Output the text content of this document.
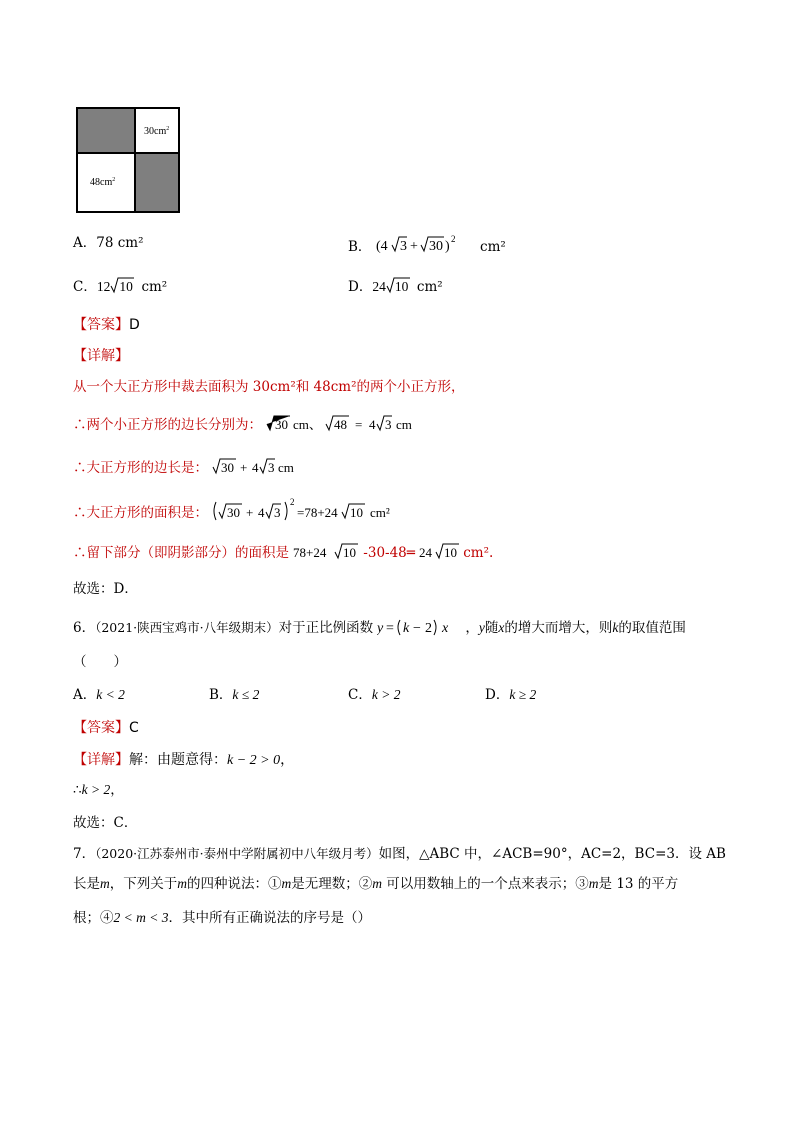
$30cm^2$
$48cm^2$
A．78 cm²	B． (4 3 + 30 ) 2 cm²
C．12 10 cm²	D．24 10 cm²
【答案】D
【详解】
从一个大正方形中裁去面积为 30cm²和 48cm²的两个小正方形，
∴两个小正方形的边长分别为： 30 cm、 48 = 4 3 cm
∴大正方形的边长是： 30 + 4 3 cm
∴大正方形的面积是： 30 + 4 3
2
=78+24 10 cm²
∴留下部分（即阴影部分）的面积是 78+24 10 -30-48═ 24 10 cm².
故选：D．
6．（2021·陕西宝鸡市·八年级期末）对于正比例函数 y = k − 2 x ，y随x的增大而增大，则k的取值范围
（　　）
A．k < 2	B．k ≤ 2	C．k > 2	D．k ≥ 2
【答案】C
【详解】解：由题意得：k − 2 > 0，
∴k > 2，
故选：C．
7．（2020·江苏泰州市·泰州中学附属初中八年级月考）如图，△ABC 中，∠ACB=90°，AC=2，BC=3．设 AB
长是m，下列关于m的四种说法：①m是无理数；②m 可以用数轴上的一个点来表示；③m是 13 的平方
根；④2 < m < 3．其中所有正确说法的序号是（）
